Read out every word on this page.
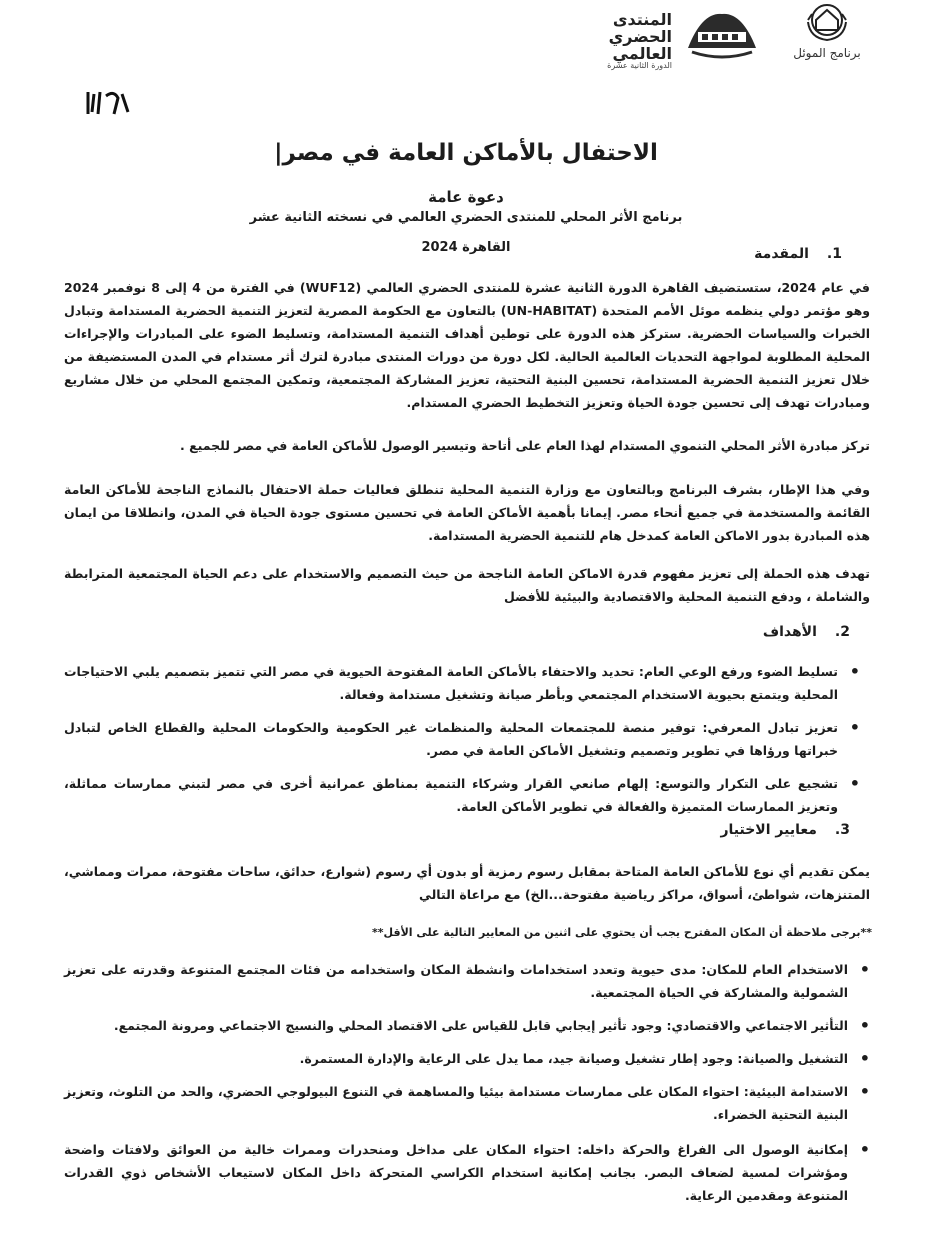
برنامج الموئل
المنتدى
الحضري
العالمي
الدورة الثانية عشرة
الاحتفال بالأماكن العامة في مصر|
دعوة عامة
برنامج الأثر المحلي للمنتدى الحضري العالمي في نسخته الثانية عشر
القاهرة 2024	1.
المقدمة
في عام 2024، ستستضيف القاهرة الدورة الثانية عشرة للمنتدى الحضري العالمي (WUF12) في الفترة من 4 إلى 8 نوفمبر 2024 وهو مؤتمر دولي ينظمه موئل الأمم المتحدة (UN-HABITAT) بالتعاون مع الحكومة المصرية لتعزيز التنمية الحضرية المستدامة وتبادل الخبرات والسياسات الحضرية. ستركز هذه الدورة على توطين أهداف التنمية المستدامة، وتسليط الضوء على المبادرات والإجراءات المحلية المطلوبة لمواجهة التحديات العالمية الحالية. لكل دورة من دورات المنتدى مبادرة لترك أثر مستدام في المدن المستضيفة من خلال تعزيز التنمية الحضرية المستدامة، تحسين البنية التحتية، تعزيز المشاركة المجتمعية، وتمكين المجتمع المحلي من خلال مشاريع ومبادرات تهدف إلى تحسين جودة الحياة وتعزيز التخطيط الحضري المستدام.
تركز مبادرة الأثر المحلي التنموي المستدام لهذا العام على أتاحة وتيسير الوصول للأماكن العامة في مصر للجميع .
وفي هذا الإطار، بشرف البرنامج وبالتعاون مع وزارة التنمية المحلية تنطلق فعاليات حملة الاحتفال بالنماذج الناجحة للأماكن العامة القائمة والمستخدمة في جميع أنحاء مصر. إيمانا بأهمية الأماكن العامة في تحسين مستوى جودة الحياة في المدن، وانطلاقا من ايمان هذه المبادرة بدور الاماكن العامة كمدخل هام للتنمية الحضرية المستدامة.
تهدف هذه الحملة إلى تعزيز مفهوم قدرة الاماكن العامة الناجحة من حيث التصميم والاستخدام على دعم الحياة المجتمعية المترابطة والشاملة ، ودفع التنمية المحلية والاقتصادية والبيئية للأفضل
2.
الأهداف
• تسليط الضوء ورفع الوعي العام: تحديد والاحتفاء بالأماكن العامة المفتوحة الحيوية في مصر التي تتميز بتصميم يلبي الاحتياجات المحلية ويتمتع بحيوية الاستخدام المجتمعي وبأطر صيانة وتشغيل مستدامة وفعالة.
• تعزيز تبادل المعرفي: توفير منصة للمجتمعات المحلية والمنظمات غير الحكومية والحكومات المحلية والقطاع الخاص لتبادل خبراتها ورؤاها في تطوير وتصميم وتشغيل الأماكن العامة في مصر.
• تشجيع على التكرار والتوسع: إلهام صانعي القرار وشركاء التنمية بمناطق عمرانية أخرى في مصر لتبني ممارسات مماثلة، وتعزيز الممارسات المتميزة والفعالة في تطوير الأماكن العامة.
3.
معايير الاختيار
يمكن تقديم أي نوع للأماكن العامة المتاحة بمقابل رسوم رمزية أو بدون أي رسوم (شوارع، حدائق، ساحات مفتوحة، ممرات ومماشي، المتنزهات، شواطئ، أسواق، مراكز رياضية مفتوحة...الخ) مع مراعاة التالي
**برجى ملاحظة أن المكان المقترح يجب أن يحتوي على اثنين من المعايير التالية على الأقل**
• الاستخدام العام للمكان: مدى حيوية وتعدد استخدامات وانشطة المكان واستخدامه من فئات المجتمع المتنوعة وقدرته على تعزيز الشمولية والمشاركة في الحياة المجتمعية.
• التأثير الاجتماعي والاقتصادي: وجود تأثير إيجابي قابل للقياس على الاقتصاد المحلي والنسيج الاجتماعي ومرونة المجتمع.
• التشغيل والصيانة: وجود إطار تشغيل وصيانة جيد، مما يدل على الرعاية والإدارة المستمرة.
• الاستدامة البيئية: احتواء المكان على ممارسات مستدامة بيئيا والمساهمة في التنوع البيولوجي الحضري، والحد من التلوث، وتعزيز البنية التحتية الخضراء.
• إمكانية الوصول الى الفراغ والحركة داخله: احتواء المكان على مداخل ومنحدرات وممرات خالية من العوائق ولافتات واضحة ومؤشرات لمسية لضعاف البصر. بجانب إمكانية استخدام الكراسي المتحركة داخل المكان لاستيعاب الأشخاص ذوي القدرات المتنوعة ومقدمين الرعاية.
